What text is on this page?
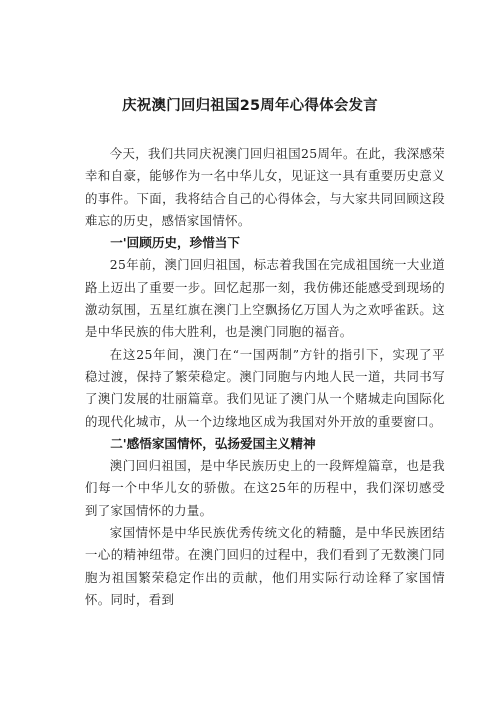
庆祝澳门回归祖国25周年心得体会发言

今天，我们共同庆祝澳门回归祖国25周年。在此，我深感荣幸和自豪，能够作为一名中华儿女，见证这一具有重要历史意义的事件。下面，我将结合自己的心得体会，与大家共同回顾这段难忘的历史，感悟家国情怀。

一'回顾历史，珍惜当下

25年前，澳门回归祖国，标志着我国在完成祖国统一大业道路上迈出了重要一步。回忆起那一刻，我仿佛还能感受到现场的激动氛围，五星红旗在澳门上空飘扬亿万国人为之欢呼雀跃。这是中华民族的伟大胜利，也是澳门同胞的福音。

在这25年间，澳门在“一国两制”方针的指引下，实现了平稳过渡，保持了繁荣稳定。澳门同胞与内地人民一道，共同书写了澳门发展的壮丽篇章。我们见证了澳门从一个赌城走向国际化的现代化城市，从一个边缘地区成为我国对外开放的重要窗口。

二'感悟家国情怀，弘扬爱国主义精神

澳门回归祖国，是中华民族历史上的一段辉煌篇章，也是我们每一个中华儿女的骄傲。在这25年的历程中，我们深切感受到了家国情怀的力量。

家国情怀是中华民族优秀传统文化的精髓，是中华民族团结一心的精神纽带。在澳门回归的过程中，我们看到了无数澳门同胞为祖国繁荣稳定作出的贡献，他们用实际行动诠释了家国情怀。同时，看到
